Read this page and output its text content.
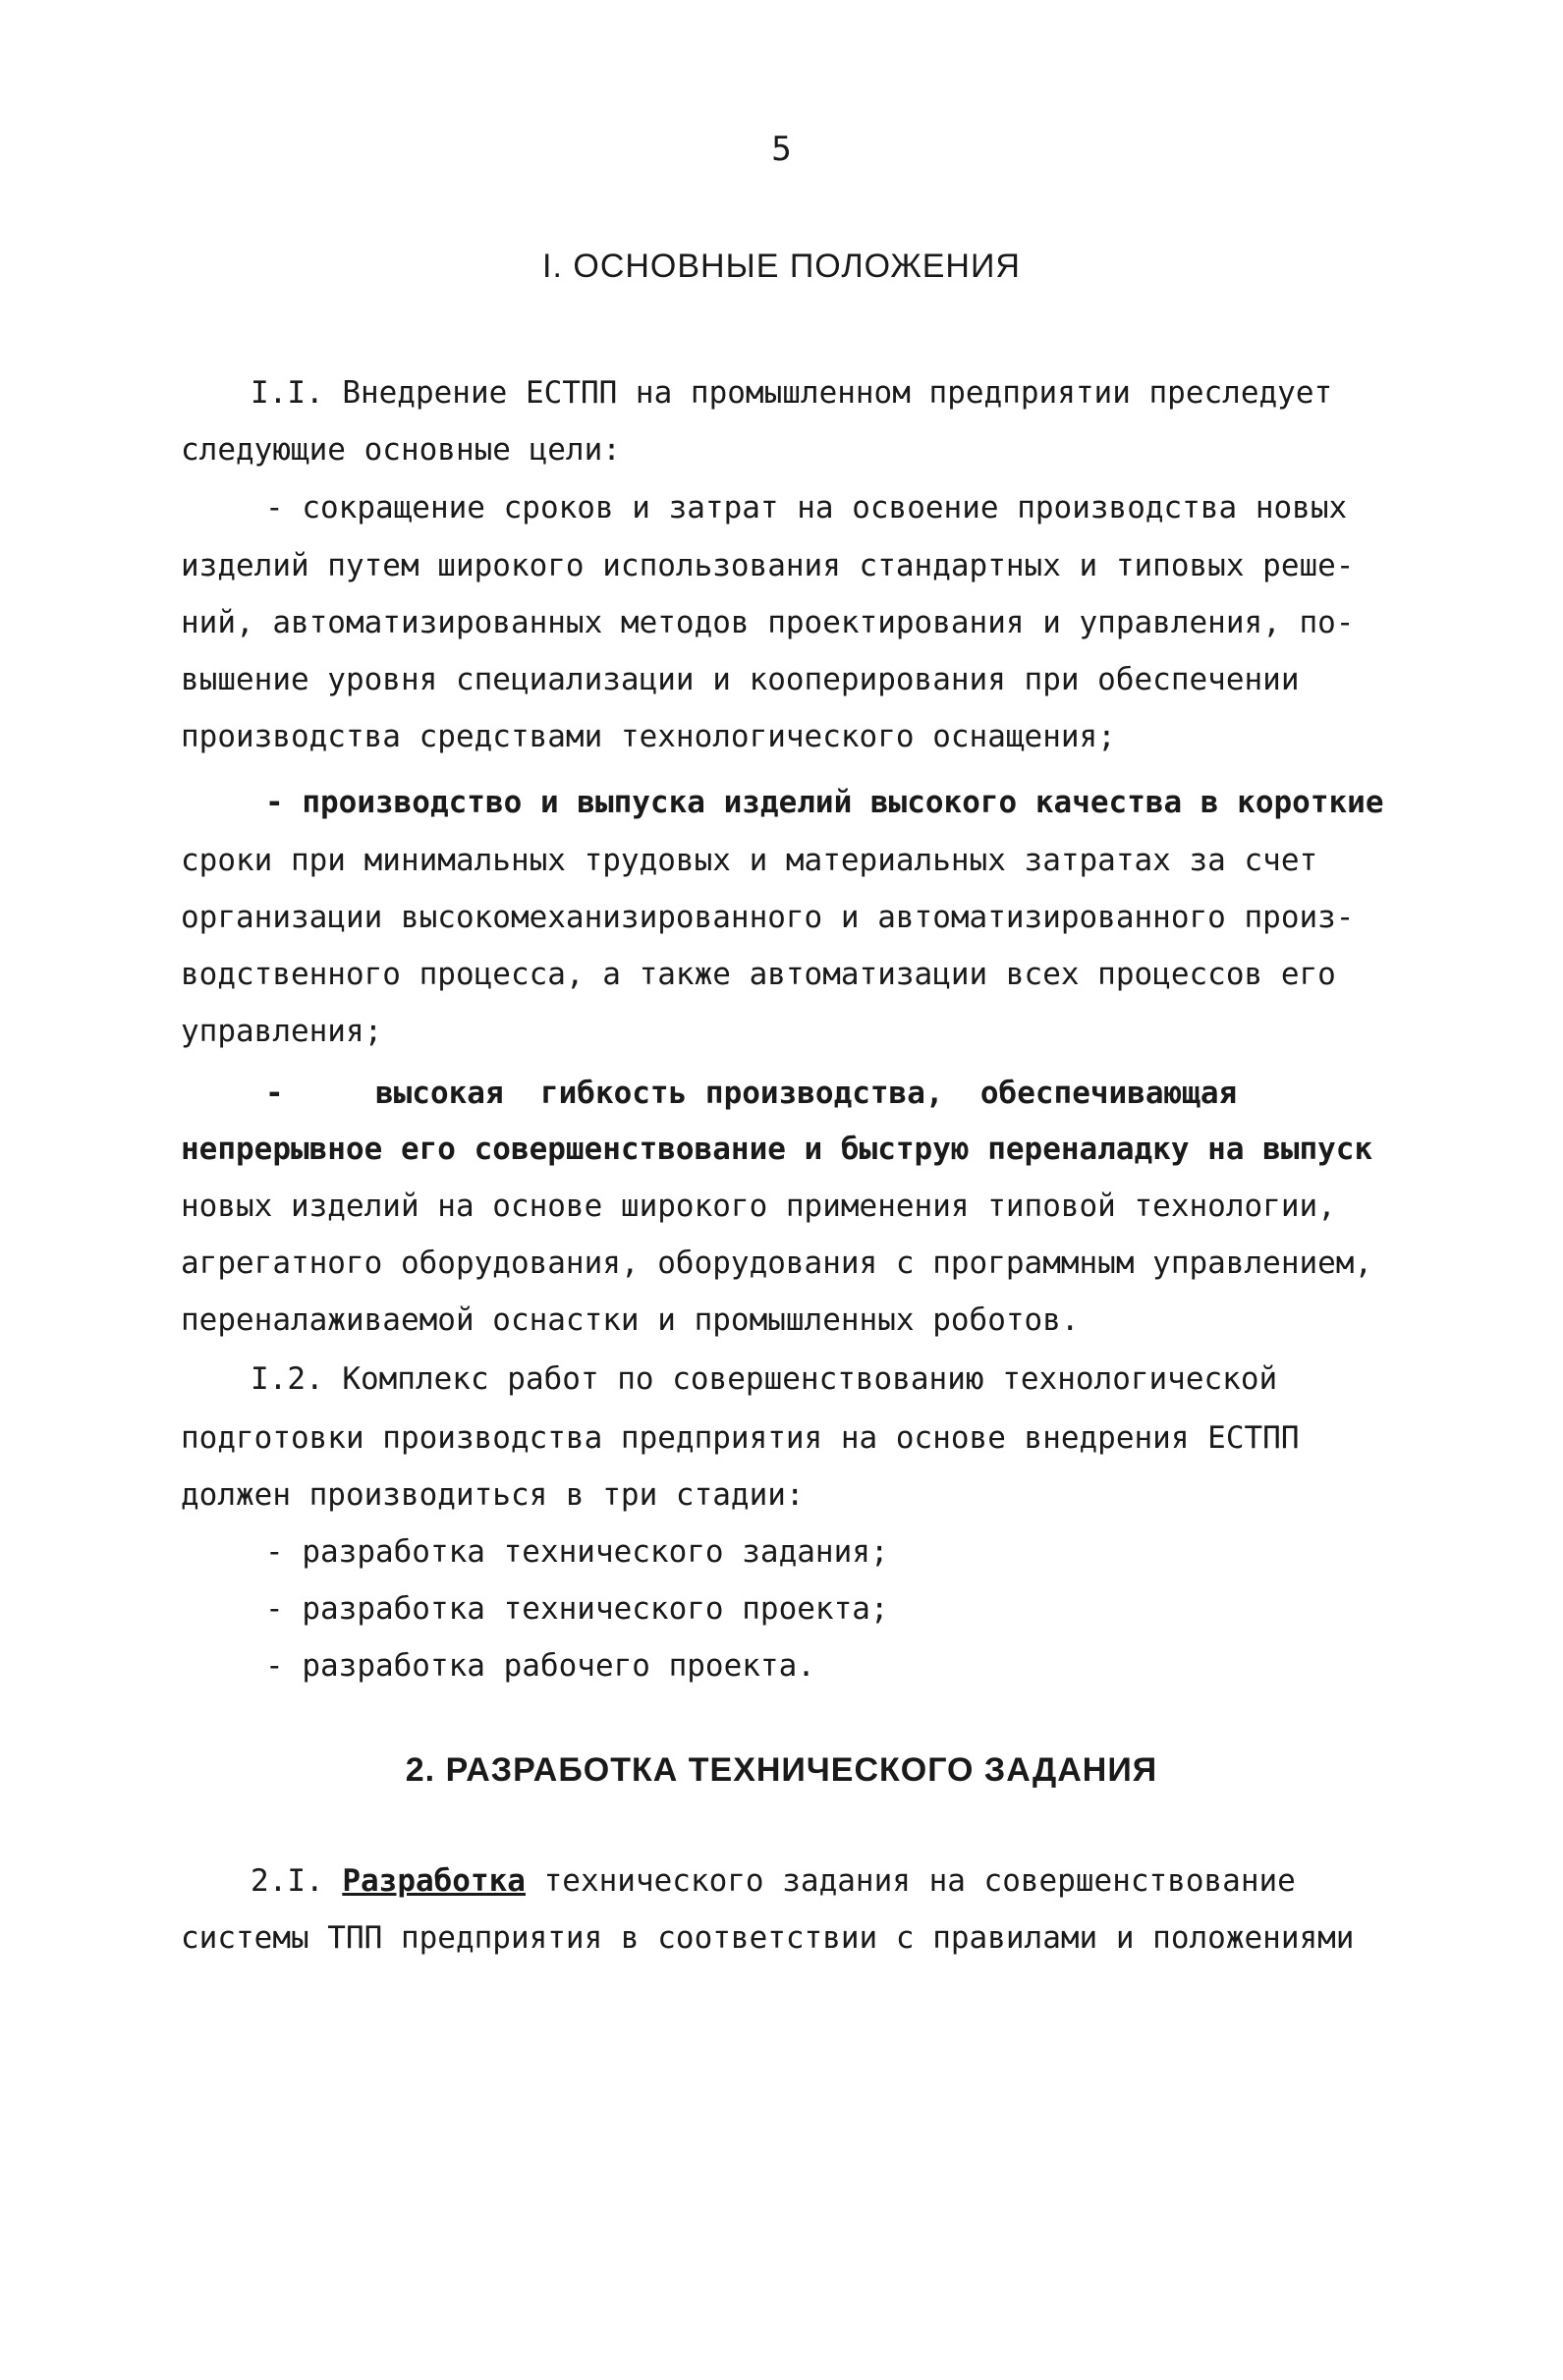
5
I. ОСНОВНЫЕ ПОЛОЖЕНИЯ
I.I. Внедрение ЕСТПП на промышленном предприятии преследует
следующие основные цели:
- сокращение сроков и затрат на освоение производства новых
изделий путем широкого использования стандартных и типовых реше-
ний, автоматизированных методов проектирования и управления, по-
вышение уровня специализации и кооперирования при обеспечении
производства средствами технологического оснащения;
- производство и выпуска изделий высокого качества в короткие
сроки при минимальных трудовых и материальных затратах за счет
организации высокомеханизированного и автоматизированного произ-
водственного процесса, а также автоматизации всех процессов его
управления;
-     высокая  гибкость производства,  обеспечивающая
непрерывное его совершенствование и быструю переналадку на выпуск
новых изделий на основе широкого применения типовой технологии,
агрегатного оборудования, оборудования с программным управлением,
переналаживаемой оснастки и промышленных роботов.
I.2. Комплекс работ по совершенствованию технологической
подготовки производства предприятия на основе внедрения ЕСТПП
должен производиться в три стадии:
- разработка технического задания;
- разработка технического проекта;
- разработка рабочего проекта.
2. РАЗРАБОТКА ТЕХНИЧЕСКОГО ЗАДАНИЯ
2.I. Разработка технического задания на совершенствование
системы ТПП предприятия в соответствии с правилами и положениями
